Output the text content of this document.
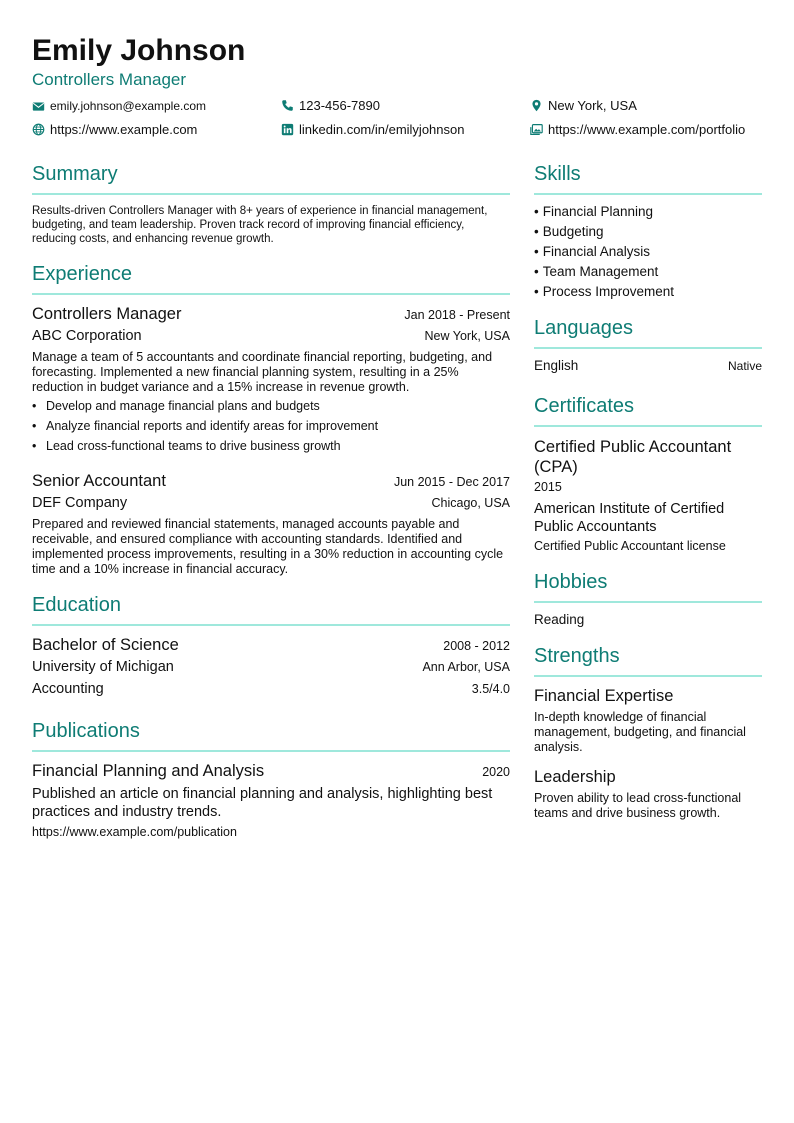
Emily Johnson
Controllers Manager
emily.johnson@example.com	123-456-7890	New York, USA
https://www.example.com	linkedin.com/in/emilyjohnson	https://www.example.com/portfolio
Summary
Results-driven Controllers Manager with 8+ years of experience in financial management, budgeting, and team leadership. Proven track record of improving financial efficiency, reducing costs, and enhancing revenue growth.
Experience
Controllers Manager	Jan 2018 - Present
ABC Corporation	New York, USA
Manage a team of 5 accountants and coordinate financial reporting, budgeting, and forecasting. Implemented a new financial planning system, resulting in a 25% reduction in budget variance and a 15% increase in revenue growth.
• Develop and manage financial plans and budgets
• Analyze financial reports and identify areas for improvement
• Lead cross-functional teams to drive business growth
Senior Accountant	Jun 2015 - Dec 2017
DEF Company	Chicago, USA
Prepared and reviewed financial statements, managed accounts payable and receivable, and ensured compliance with accounting standards. Identified and implemented process improvements, resulting in a 30% reduction in accounting cycle time and a 10% increase in financial accuracy.
Education
Bachelor of Science	2008 - 2012
University of Michigan	Ann Arbor, USA
Accounting	3.5/4.0
Publications
Financial Planning and Analysis	2020
Published an article on financial planning and analysis, highlighting best practices and industry trends.
https://www.example.com/publication
Skills
• Financial Planning
• Budgeting
• Financial Analysis
• Team Management
• Process Improvement
Languages
English	Native
Certificates
Certified Public Accountant (CPA)
2015
American Institute of Certified Public Accountants
Certified Public Accountant license
Hobbies
Reading
Strengths
Financial Expertise
In-depth knowledge of financial management, budgeting, and financial analysis.
Leadership
Proven ability to lead cross-functional teams and drive business growth.
